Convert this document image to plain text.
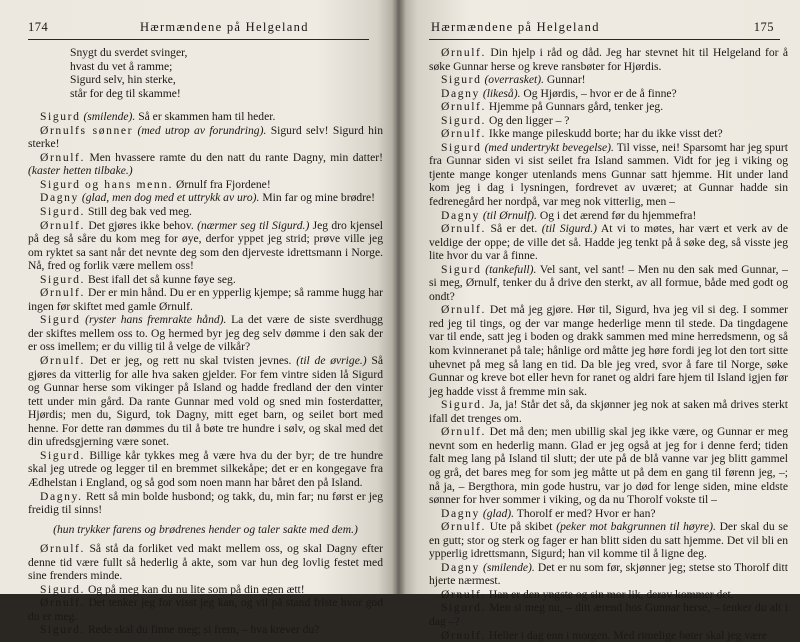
174	Hærmændene på Helgeland
Snygt du sverdet svinger,
hvast du vet å ramme;
Sigurd selv, hin sterke,
står for deg til skamme!

Sigurd (smilende). Så er skammen ham til heder.

Ørnulfs sønner (med utrop av forundring). Sigurd selv! Sigurd hin sterke!

Ørnulf. Men hvassere ramte du den natt du rante Dagny, min datter! (kaster hetten tilbake.)

Sigurd og hans menn. Ørnulf fra Fjordene!

Dagny (glad, men dog med et uttrykk av uro). Min far og mine brødre!

Sigurd. Still deg bak ved meg.

Ørnulf. Det gjøres ikke behov. (nærmer seg til Sigurd.) Jeg dro kjensel på deg så såre du kom meg for øye, derfor yppet jeg strid; prøve ville jeg om ryktet sa sant når det nevnte deg som den djerveste idrettsmann i Norge. Nå, fred og forlik være mellem oss!

Sigurd. Best ifall det så kunne føye seg.

Ørnulf. Der er min hånd. Du er en ypperlig kjempe; så ramme hugg har ingen før skiftet med gamle Ørnulf.

Sigurd (ryster hans fremrakte hånd). La det være de siste sverdhugg der skiftes mellem oss to. Og hermed byr jeg deg selv dømme i den sak der er oss imellem; er du villig til å velge de vilkår?

Ørnulf. Det er jeg, og rett nu skal tvisten jevnes. (til de øvrige.) Så gjøres da vitterlig for alle hva saken gjelder. For fem vintre siden lå Sigurd og Gunnar herse som vikinger på Island og hadde fredland der den vinter tett under min gård. Da rante Gunnar med vold og sned min fosterdatter, Hjørdis; men du, Sigurd, tok Dagny, mitt eget barn, og seilet bort med henne. For dette ran dømmes du til å bøte tre hundre i sølv, og skal med det din ufredsgjerning være sonet.

Sigurd. Billige kår tykkes meg å være hva du der byr; de tre hundre skal jeg utrede og legger til en bremmet silkekåpe; det er en kongegave fra Ædhelstan i England, og så god som noen mann har båret den på Island.

Dagny. Rett så min bolde husbond; og takk, du, min far; nu først er jeg freidig til sinns!

(hun trykker farens og brødrenes hender og taler sakte med dem.)

Ørnulf. Så stå da forliket ved makt mellem oss, og skal Dagny efter denne tid være fullt så hederlig å akte, som var hun deg lovlig festet med sine frenders minde.

Sigurd. Og på meg kan du nu lite som på din egen ætt!

Ørnulf. Det tenker jeg for visst jeg kan, og vil på stand friste hvor god du er meg.

Sigurd. Rede skal du finne meg; si frem, – hva krever du?

Hærmændene på Helgeland	175

Ørnulf. Din hjelp i råd og dåd. Jeg har stevnet hit til Helgeland for å søke Gunnar herse og kreve ransbøter for Hjørdis.

Sigurd (overrasket). Gunnar!

Dagny (likeså). Og Hjørdis, – hvor er de å finne?

Ørnulf. Hjemme på Gunnars gård, tenker jeg.

Sigurd. Og den ligger – ?

Ørnulf. Ikke mange pileskudd borte; har du ikke visst det?

Sigurd (med undertrykt bevegelse). Til visse, nei! Sparsomt har jeg spurt fra Gunnar siden vi sist seilet fra Island sammen. Vidt for jeg i viking og tjente mange konger utenlands mens Gunnar satt hjemme. Hit under land kom jeg i dag i lysningen, fordrevet av uværet; at Gunnar hadde sin fedrenegård her nordpå, var meg nok vitterlig, men –

Dagny (til Ørnulf). Og i det ærend før du hjemmefra!

Ørnulf. Så er det. (til Sigurd.) At vi to møtes, har vært et verk av de veldige der oppe; de ville det så. Hadde jeg tenkt på å søke deg, så visste jeg lite hvor du var å finne.

Sigurd (tankefull). Vel sant, vel sant! – Men nu den sak med Gunnar, – si meg, Ørnulf, tenker du å drive den sterkt, av all formue, både med godt og ondt?

Ørnulf. Det må jeg gjøre. Hør til, Sigurd, hva jeg vil si deg. I sommer red jeg til tings, og der var mange hederlige menn til stede. Da tingdagene var til ende, satt jeg i boden og drakk sammen med mine herredsmenn, og så kom kvinneranet på tale; hånlige ord måtte jeg høre fordi jeg lot den tort sitte uhevnet på meg så lang en tid. Da ble jeg vred, svor å fare til Norge, søke Gunnar og kreve bot eller hevn for ranet og aldri fare hjem til Island igjen før jeg hadde visst å fremme min sak.

Sigurd. Ja, ja! Står det så, da skjønner jeg nok at saken må drives sterkt ifall det trenges om.

Ørnulf. Det må den; men ubillig skal jeg ikke være, og Gunnar er meg nevnt som en hederlig mann. Glad er jeg også at jeg for i denne ferd; tiden falt meg lang på Island til slutt; der ute på de blå vanne var jeg blitt gammel og grå, det bares meg for som jeg måtte ut på dem en gang til førenn jeg, –; nå ja, – Bergthora, min gode hustru, var jo død for lenge siden, mine eldste sønner for hver sommer i viking, og da nu Thorolf vokste til –

Dagny (glad). Thorolf er med? Hvor er han?

Ørnulf. Ute på skibet (peker mot bakgrunnen til høyre). Der skal du se en gutt; stor og sterk og fager er han blitt siden du satt hjemme. Det vil bli en ypperlig idrettsmann, Sigurd; han vil komme til å ligne deg.

Dagny (smilende). Det er nu som før, skjønner jeg; stetse sto Thorolf ditt hjerte nærmest.

Ørnulf. Han er den yngste og sin mor lik, derav kommer det.

Sigurd. Men si meg nu, – ditt ærend hos Gunnar herse, – tenker du alt i dag –?

Ørnulf. Heller i dag enn i morgen. Med rimelige bøter skal jeg være
